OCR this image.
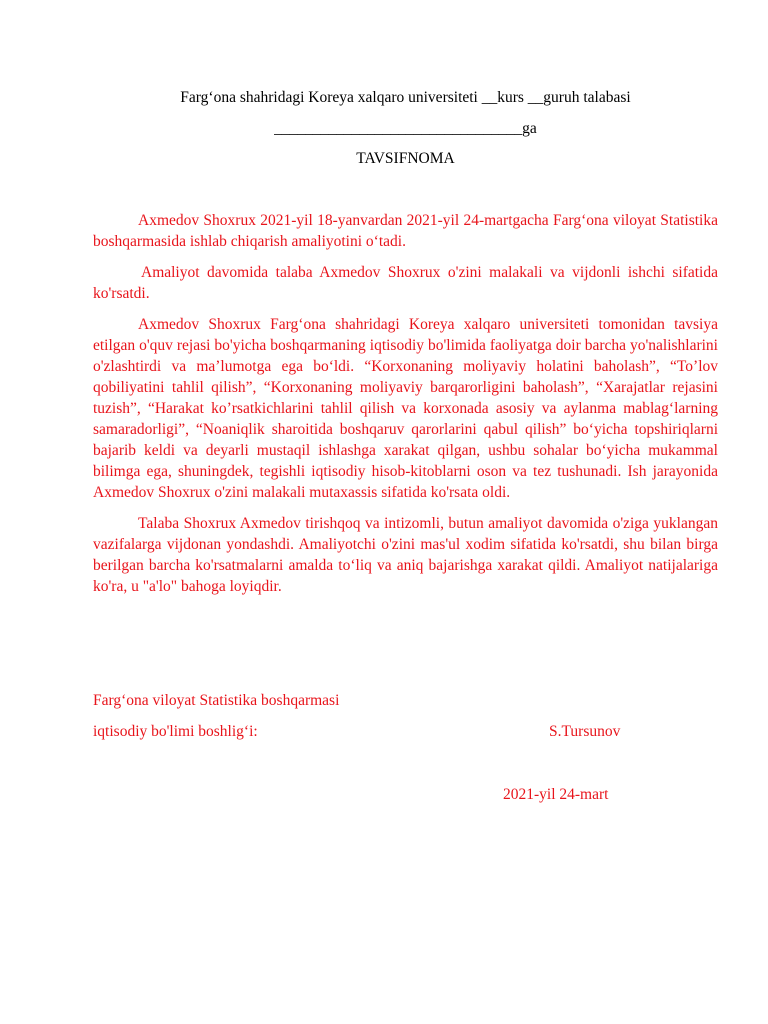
Farg‘ona shahridagi Koreya xalqaro universiteti __kurs __guruh talabasi
________________________________ga
TAVSIFNOMA

Axmedov Shoxrux 2021-yil 18-yanvardan 2021-yil 24-martgacha Farg‘ona viloyat Statistika boshqarmasida ishlab chiqarish amaliyotini o‘tadi.

Amaliyot davomida talaba Axmedov Shoxrux o'zini malakali va vijdonli ishchi sifatida ko'rsatdi.

Axmedov Shoxrux Farg‘ona shahridagi Koreya xalqaro universiteti tomonidan tavsiya etilgan o'quv rejasi bo'yicha boshqarmaning iqtisodiy bo'limida faoliyatga doir barcha yo'nalishlarini o'zlashtirdi va ma’lumotga ega bo‘ldi. “Korxonaning moliyaviy holatini baholash”, “To’lov qobiliyatini tahlil qilish”, “Korxonaning moliyaviy barqarorligini baholash”, “Xarajatlar rejasini tuzish”, “Harakat ko’rsatkichlarini tahlil qilish va korxonada asosiy va aylanma mablag‘larning samaradorligi”, “Noaniqlik sharoitida boshqaruv qarorlarini qabul qilish” bo‘yicha topshiriqlarni bajarib keldi va deyarli mustaqil ishlashga xarakat qilgan, ushbu sohalar bo‘yicha mukammal bilimga ega, shuningdek, tegishli iqtisodiy hisob-kitoblarni oson va tez tushunadi. Ish jarayonida Axmedov Shoxrux o'zini malakali mutaxassis sifatida ko'rsata oldi.

Talaba Shoxrux Axmedov tirishqoq va intizomli, butun amaliyot davomida o'ziga yuklangan vazifalarga vijdonan yondashdi. Amaliyotchi o'zini mas'ul xodim sifatida ko'rsatdi, shu bilan birga berilgan barcha ko'rsatmalarni amalda to‘liq va aniq bajarishga xarakat qildi. Amaliyot natijalariga ko'ra, u "a'lo" bahoga loyiqdir.

Farg‘ona viloyat Statistika boshqarmasi
iqtisodiy bo'limi boshlig‘i:	S.Tursunov
2021-yil 24-mart
